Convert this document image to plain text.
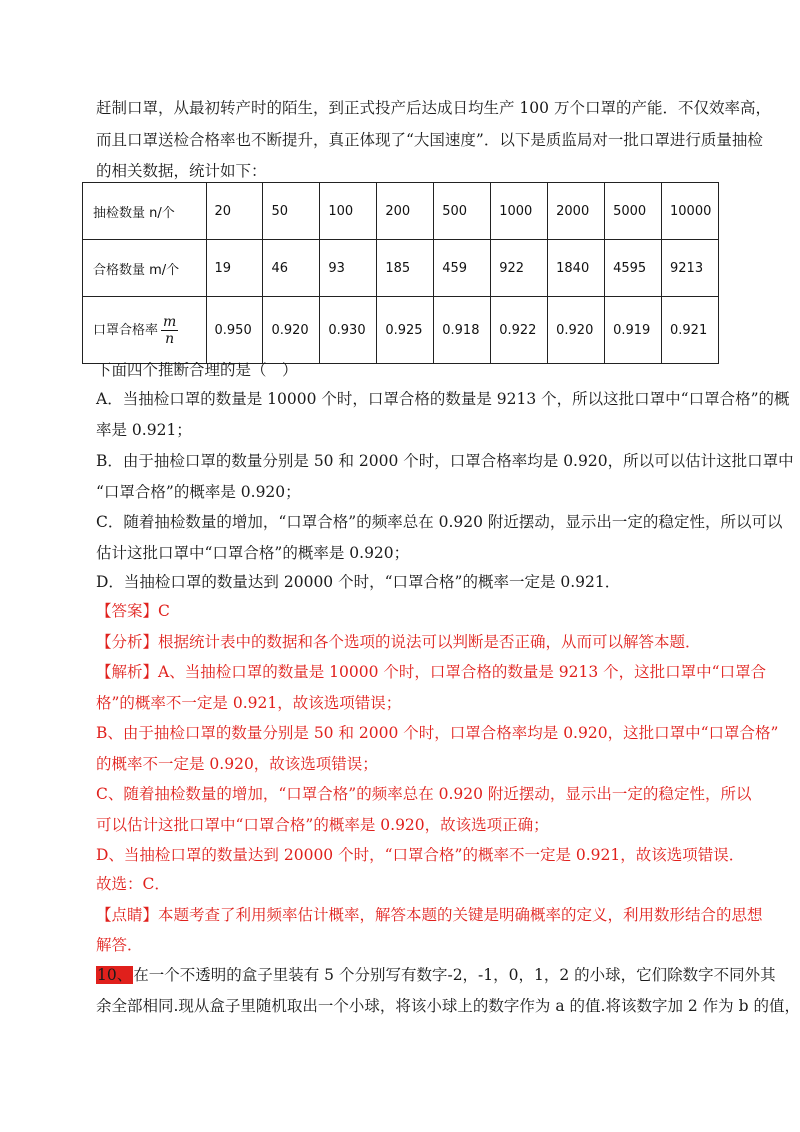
赶制口罩，从最初转产时的陌生，到正式投产后达成日均生产 100 万个口罩的产能．不仅效率高，
而且口罩送检合格率也不断提升，真正体现了“大国速度”．以下是质监局对一批口罩进行质量抽检
的相关数据，统计如下：
抽检数量 n/个	20	50	100	200	500	1000	2000	5000	10000
合格数量 m/个	19	46	93	185	459	922	1840	4595	9213
口罩合格率 $\frac{m}{n}$	0.950	0.920	0.930	0.925	0.918	0.922	0.920	0.919	0.921
下面四个推断合理的是（　）
A．当抽检口罩的数量是 10000 个时，口罩合格的数量是 9213 个，所以这批口罩中“口罩合格”的概
率是 0.921；
B．由于抽检口罩的数量分别是 50 和 2000 个时，口罩合格率均是 0.920，所以可以估计这批口罩中
“口罩合格”的概率是 0.920；
C．随着抽检数量的增加，“口罩合格”的频率总在 0.920 附近摆动，显示出一定的稳定性，所以可以
估计这批口罩中“口罩合格”的概率是 0.920；
D．当抽检口罩的数量达到 20000 个时，“口罩合格”的概率一定是 0.921．
【答案】C
【分析】根据统计表中的数据和各个选项的说法可以判断是否正确，从而可以解答本题．
【解析】A、当抽检口罩的数量是 10000 个时，口罩合格的数量是 9213 个，这批口罩中“口罩合
格”的概率不一定是 0.921，故该选项错误；
B、由于抽检口罩的数量分别是 50 和 2000 个时，口罩合格率均是 0.920，这批口罩中“口罩合格”
的概率不一定是 0.920，故该选项错误；
C、随着抽检数量的增加，“口罩合格”的频率总在 0.920 附近摆动，显示出一定的稳定性，所以
可以估计这批口罩中“口罩合格”的概率是 0.920，故该选项正确；
D、当抽检口罩的数量达到 20000 个时，“口罩合格”的概率不一定是 0.921，故该选项错误．
故选：C．
【点睛】本题考查了利用频率估计概率，解答本题的关键是明确概率的定义，利用数形结合的思想
解答．
10、在一个不透明的盒子里装有 5 个分别写有数字-2，-1，0，1，2 的小球，它们除数字不同外其
余全部相同.现从盒子里随机取出一个小球，将该小球上的数字作为 a 的值.将该数字加 2 作为 b 的值，
